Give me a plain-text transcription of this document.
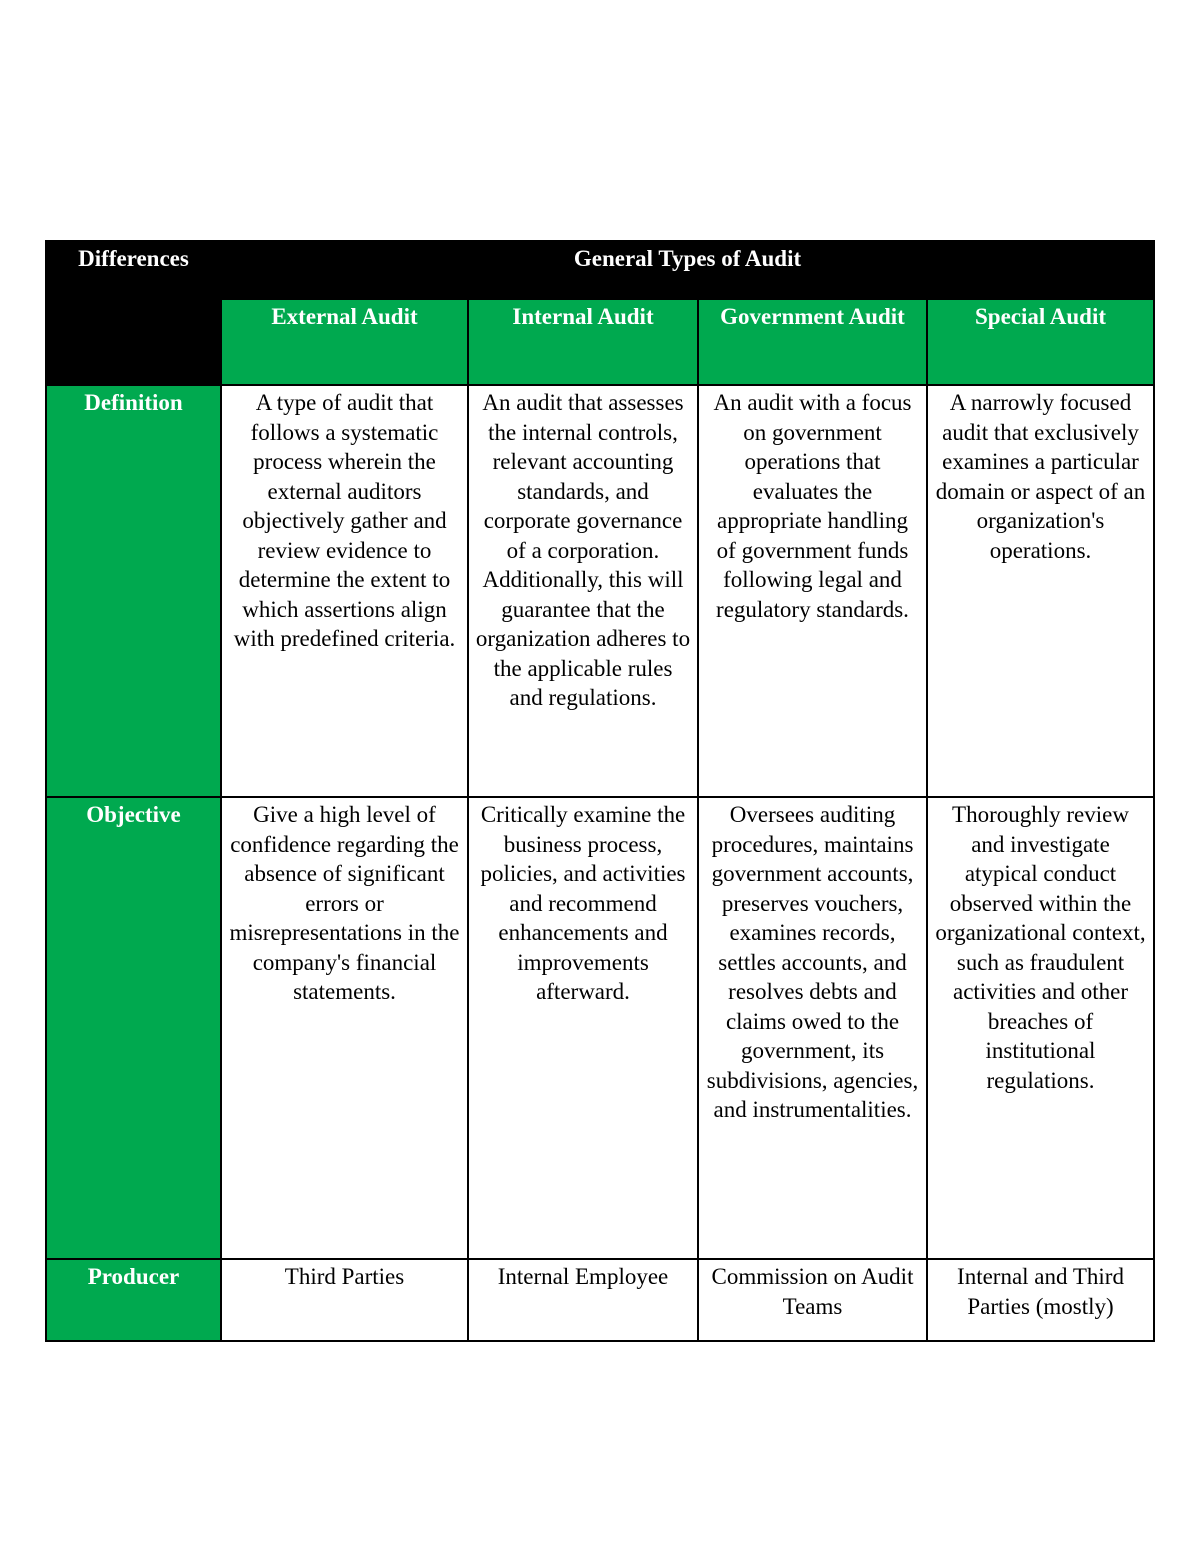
Differences	General Types of Audit			
	External Audit	Internal Audit	Government Audit	Special Audit
Definition	A type of audit that follows a systematic process wherein the external auditors objectively gather and review evidence to determine the extent to which assertions align with predefined criteria.	An audit that assesses the internal controls, relevant accounting standards, and corporate governance of a corporation. Additionally, this will guarantee that the organization adheres to the applicable rules and regulations.	An audit with a focus on government operations that evaluates the appropriate handling of government funds following legal and regulatory standards.	A narrowly focused audit that exclusively examines a particular domain or aspect of an organization's operations.
Objective	Give a high level of confidence regarding the absence of significant errors or misrepresentations in the company's financial statements.	Critically examine the business process, policies, and activities and recommend enhancements and improvements afterward.	Oversees auditing procedures, maintains government accounts, preserves vouchers, examines records, settles accounts, and resolves debts and claims owed to the government, its subdivisions, agencies, and instrumentalities.	Thoroughly review and investigate atypical conduct observed within the organizational context, such as fraudulent activities and other breaches of institutional regulations.
Producer	Third Parties	Internal Employee	Commission on Audit Teams	Internal and Third Parties (mostly)
